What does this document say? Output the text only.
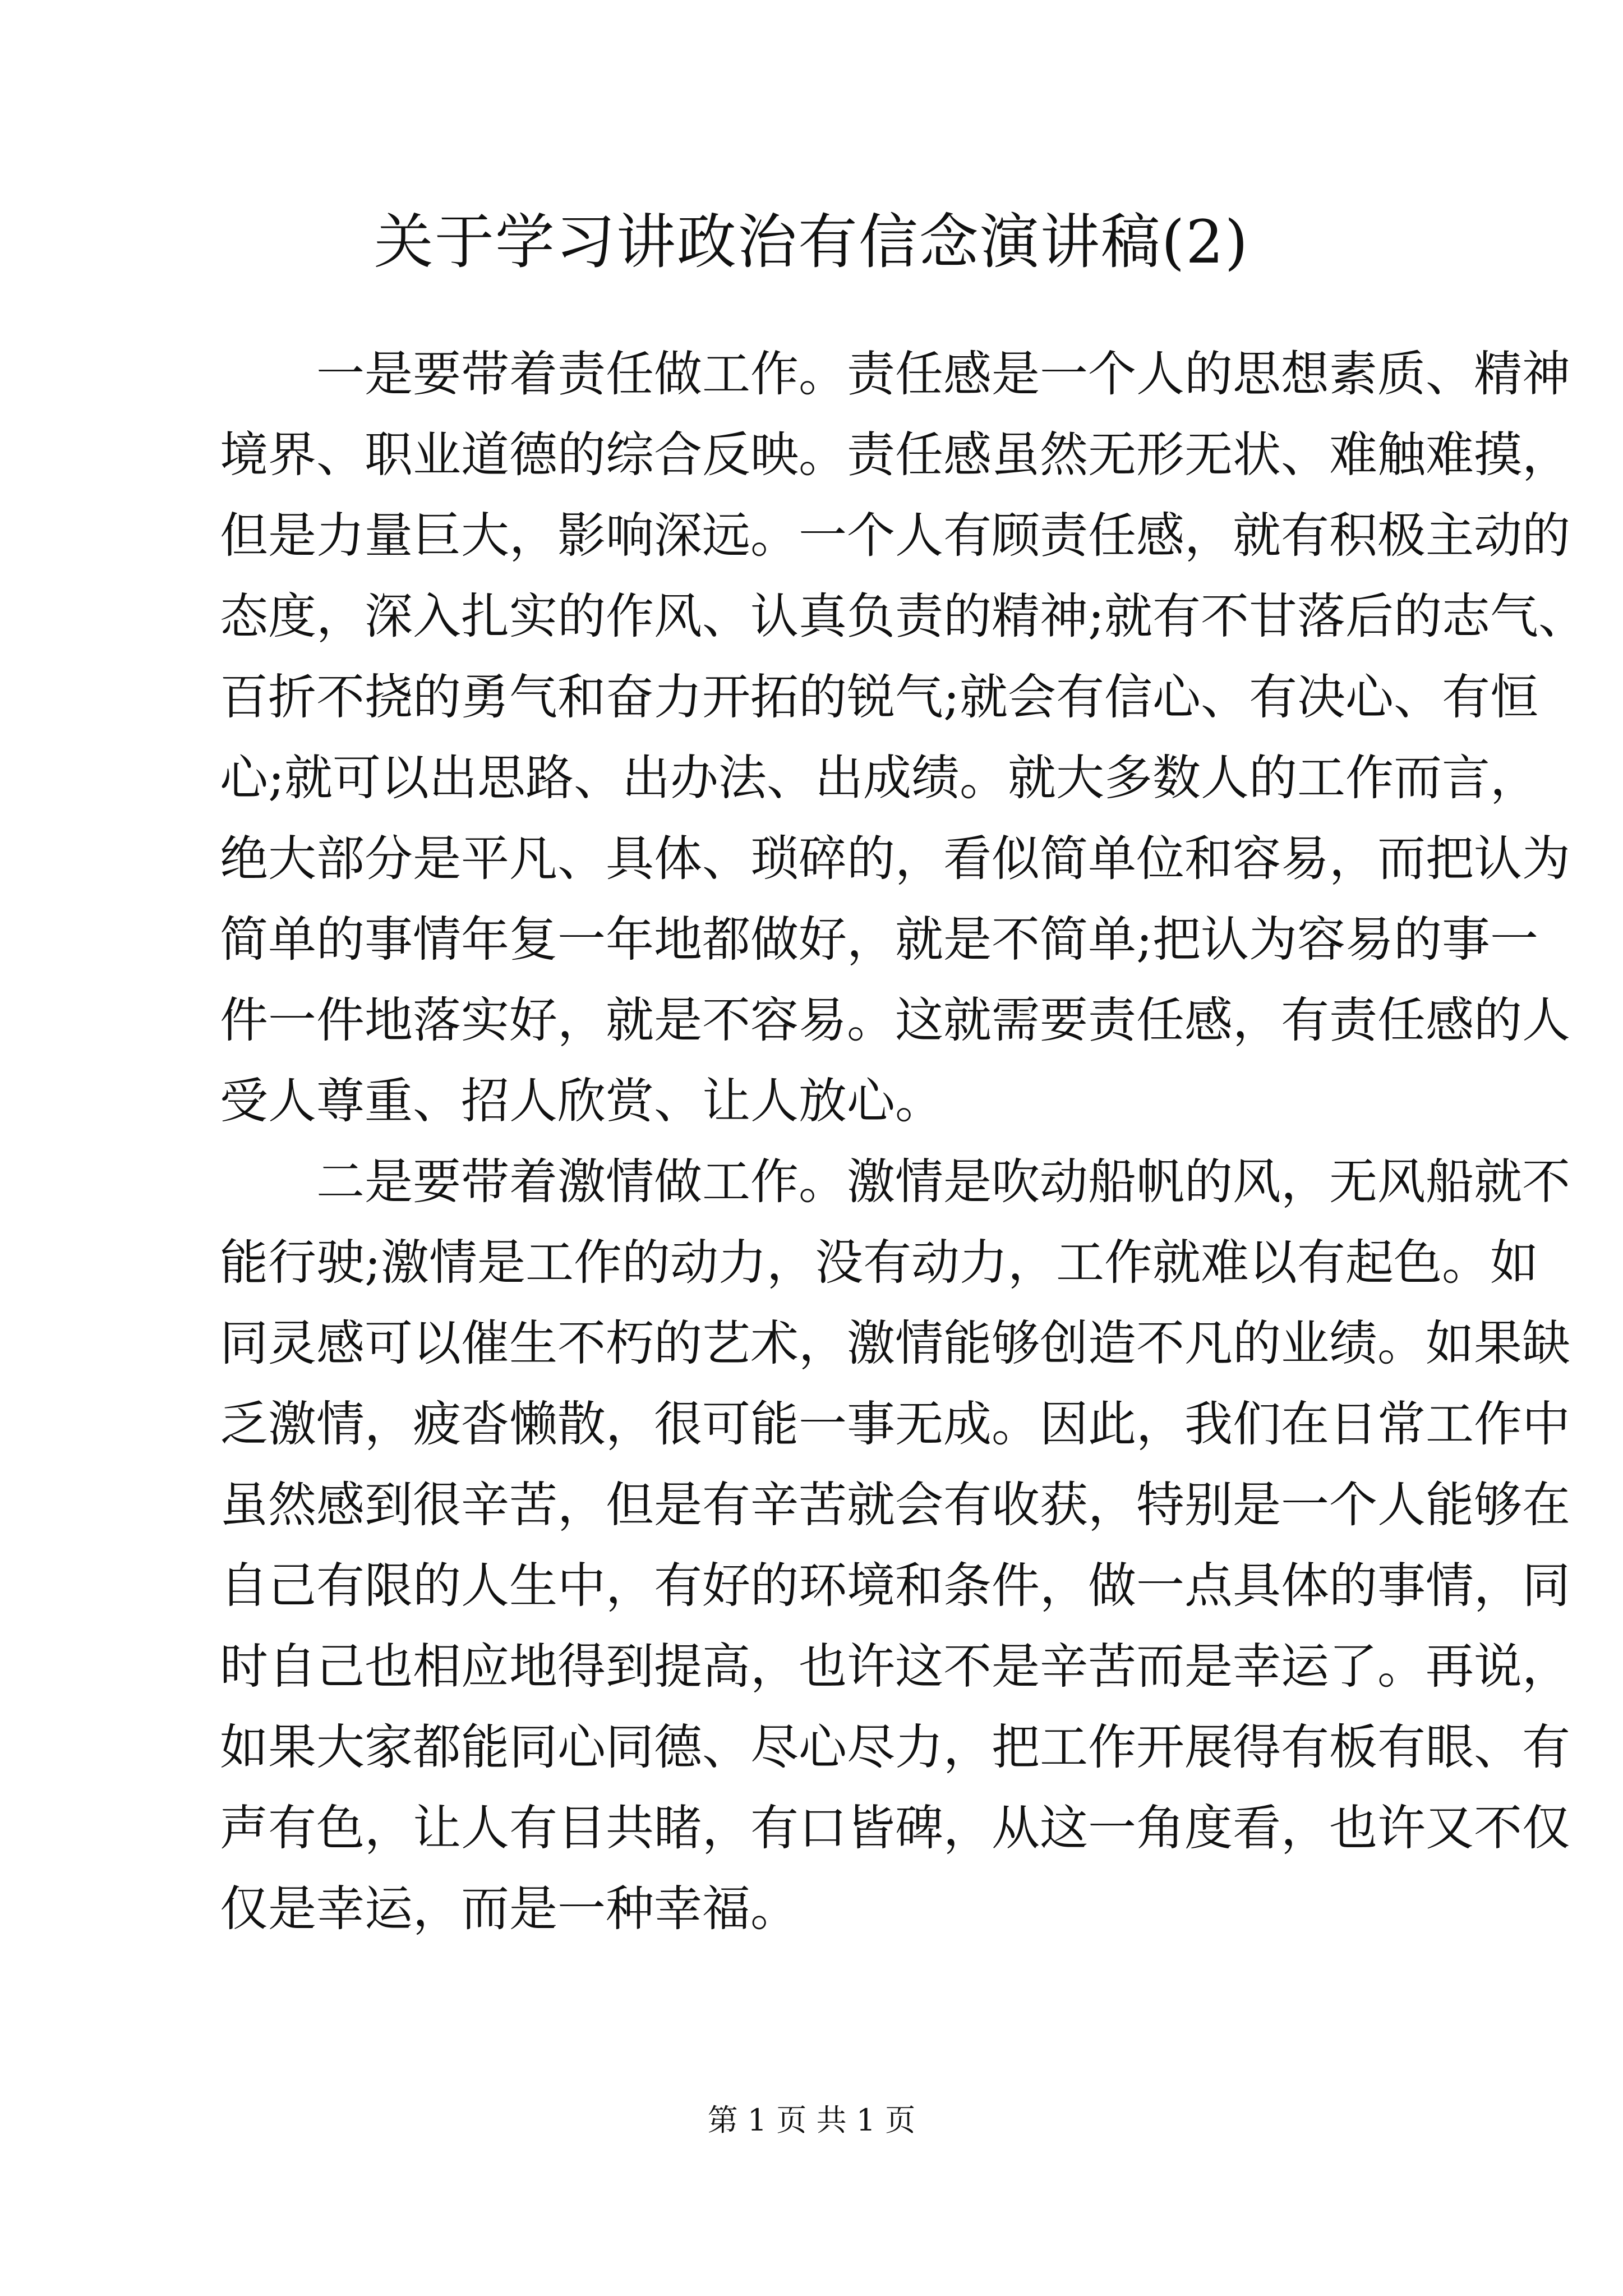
关于学习讲政治有信念演讲稿(2)
　　一是要带着责任做工作。责任感是一个人的思想素质、精神
境界、职业道德的综合反映。责任感虽然无形无状、难触难摸，
但是力量巨大，影响深远。一个人有顾责任感，就有积极主动的
态度，深入扎实的作风、认真负责的精神;就有不甘落后的志气、
百折不挠的勇气和奋力开拓的锐气;就会有信心、有决心、有恒
心;就可以出思路、出办法、出成绩。就大多数人的工作而言，
绝大部分是平凡、具体、琐碎的，看似简单位和容易，而把认为
简单的事情年复一年地都做好，就是不简单;把认为容易的事一
件一件地落实好，就是不容易。这就需要责任感，有责任感的人
受人尊重、招人欣赏、让人放心。
　　二是要带着激情做工作。激情是吹动船帆的风，无风船就不
能行驶;激情是工作的动力，没有动力，工作就难以有起色。如
同灵感可以催生不朽的艺术，激情能够创造不凡的业绩。如果缺
乏激情，疲沓懒散，很可能一事无成。因此，我们在日常工作中
虽然感到很辛苦，但是有辛苦就会有收获，特别是一个人能够在
自己有限的人生中，有好的环境和条件，做一点具体的事情，同
时自己也相应地得到提高，也许这不是辛苦而是幸运了。再说，
如果大家都能同心同德、尽心尽力，把工作开展得有板有眼、有
声有色，让人有目共睹，有口皆碑，从这一角度看，也许又不仅
仅是幸运，而是一种幸福。
第 1 页 共 1 页
